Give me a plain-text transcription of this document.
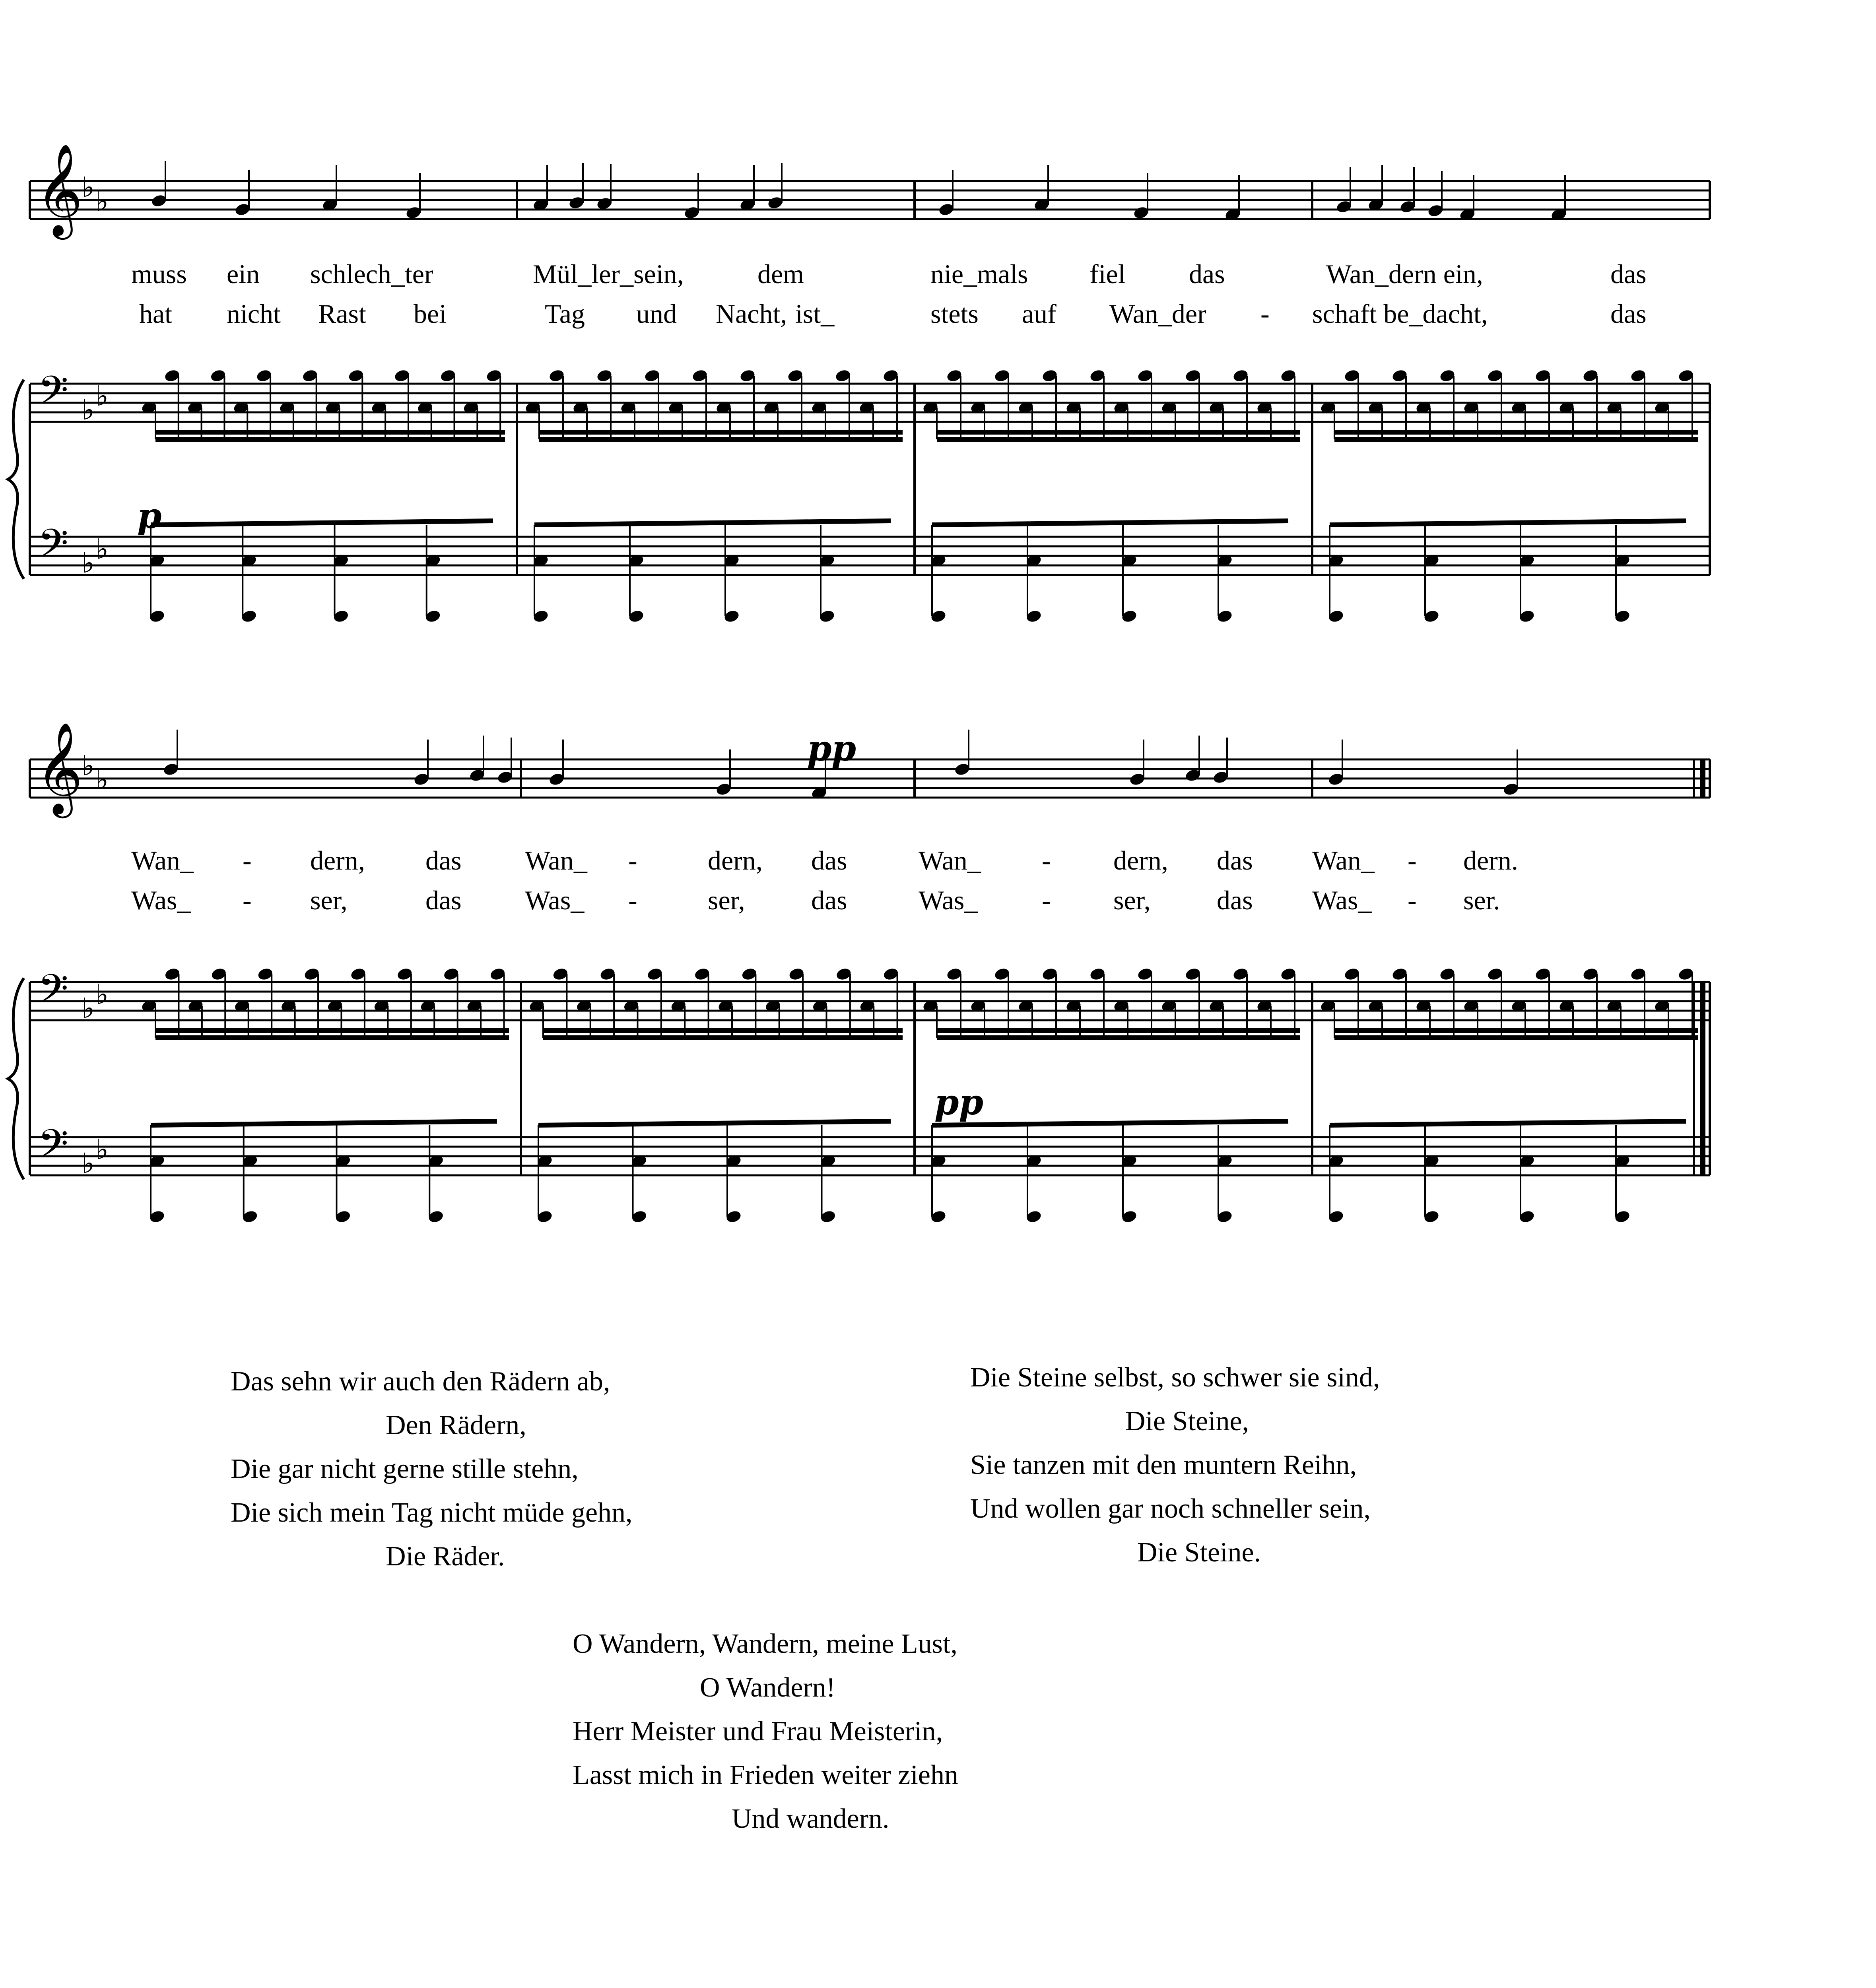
𝄞
𝄢
𝄢
♭ ♭
♭ ♭
♭ ♭
𝄞
𝄢
𝄢
♭ ♭
♭ ♭
♭ ♭
muss ein schlech_ter	Mül_ler_sein,	dem	nie_mals fiel das	Wan_dern ein,	das
hat nicht Rast bei	Tag und Nacht, ist_	stets auf Wan_der - schaft be_dacht,	das
p
Wan_ - dern, das Wan_ -	dern, das	Wan_ - dern, das Wan_ - dern.
Was_ - ser,	das Was_ -	ser, das	Was_ - ser, das Was_ - ser.
pp
pp
Das sehn wir auch den Rädern ab,
Den Rädern,
Die gar nicht gerne stille stehn,
Die sich mein Tag nicht müde gehn,
Die Räder.
Die Steine selbst, so schwer sie sind,
Die Steine,
Sie tanzen mit den muntern Reihn,
Und wollen gar noch schneller sein,
Die Steine.
O Wandern, Wandern, meine Lust,
O Wandern!
Herr Meister und Frau Meisterin,
Lasst mich in Frieden weiter ziehn
Und wandern.
